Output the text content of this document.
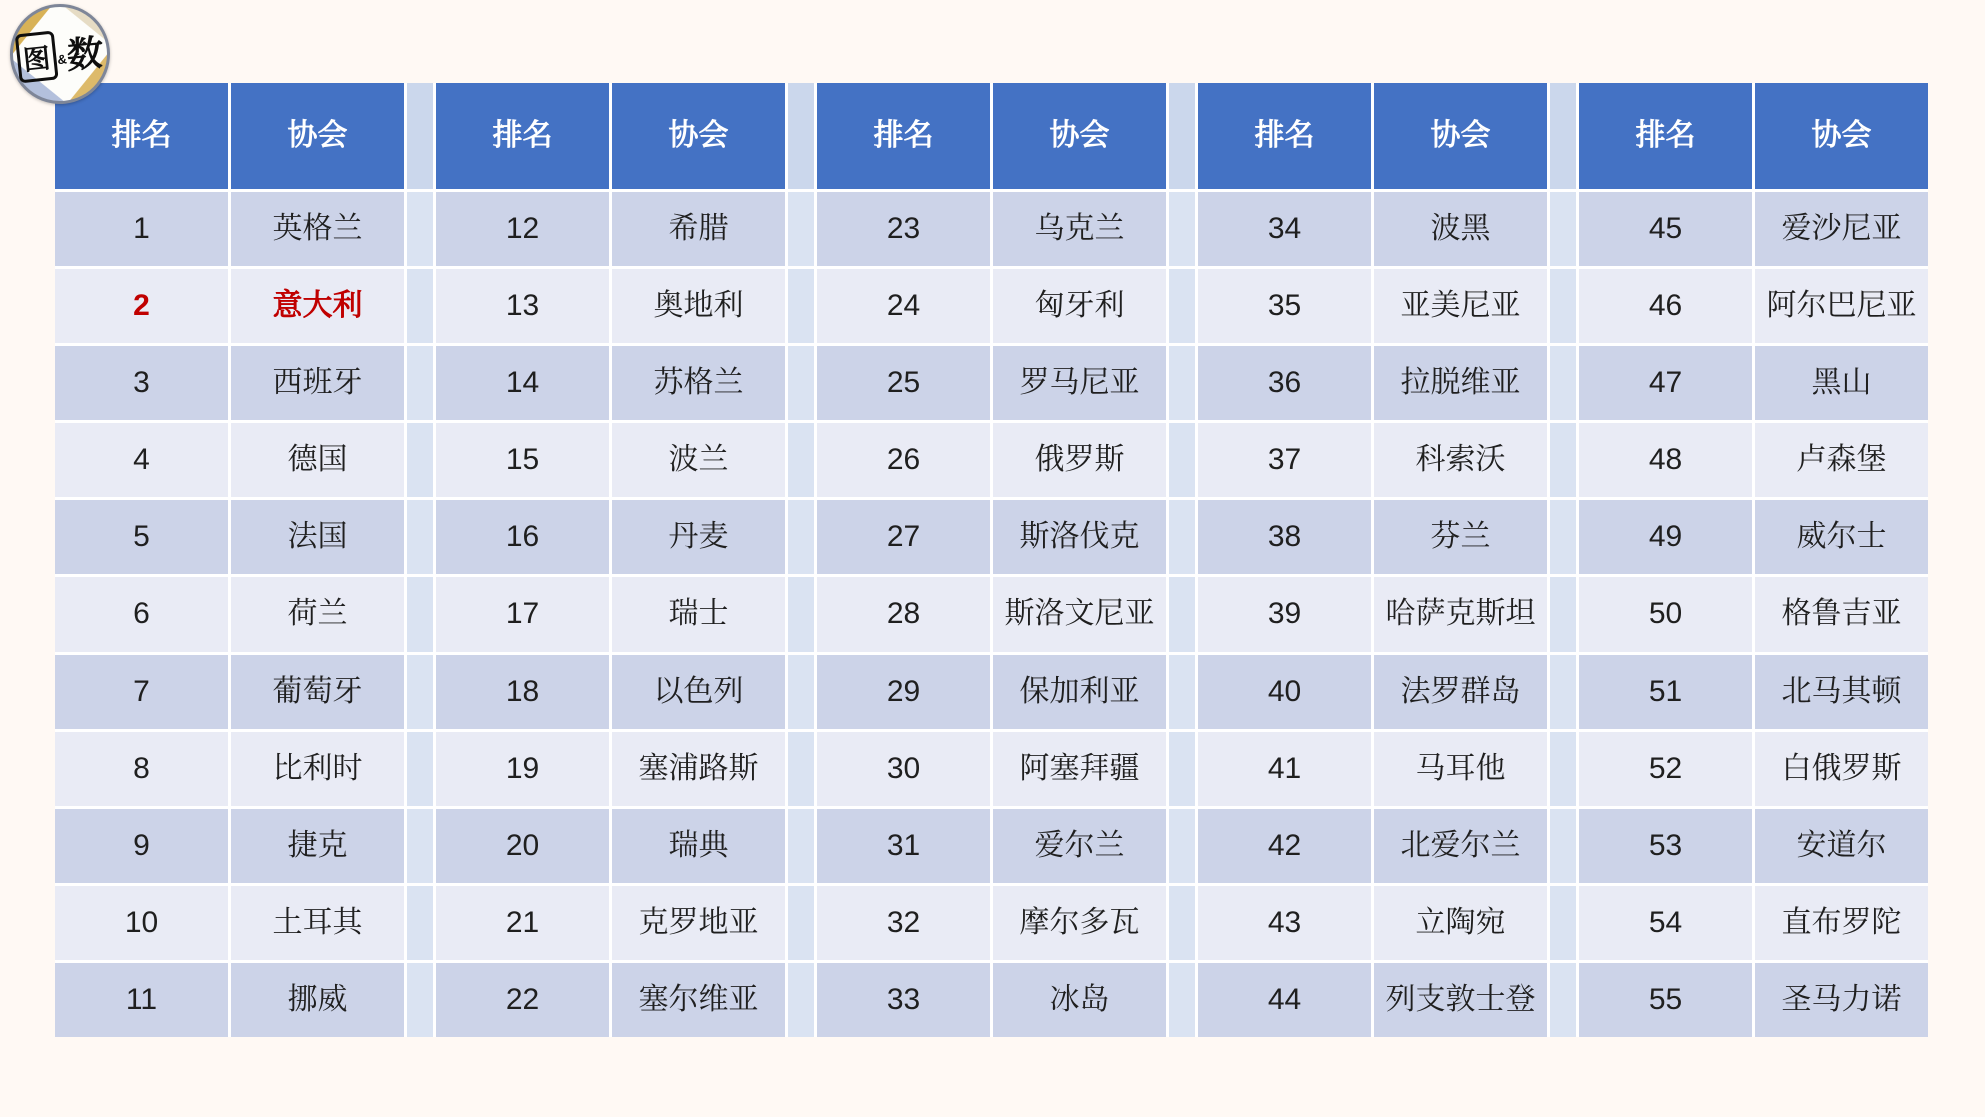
图 & 数
排名	协会	排名	协会	排名	协会	排名	协会	排名	协会
1	英格兰	12	希腊	23	乌克兰	34	波黑	45	爱沙尼亚
2	意大利	13	奥地利	24	匈牙利	35	亚美尼亚	46	阿尔巴尼亚
3	西班牙	14	苏格兰	25	罗马尼亚	36	拉脱维亚	47	黑山
4	德国	15	波兰	26	俄罗斯	37	科索沃	48	卢森堡
5	法国	16	丹麦	27	斯洛伐克	38	芬兰	49	威尔士
6	荷兰	17	瑞士	28	斯洛文尼亚	39	哈萨克斯坦	50	格鲁吉亚
7	葡萄牙	18	以色列	29	保加利亚	40	法罗群岛	51	北马其顿
8	比利时	19	塞浦路斯	30	阿塞拜疆	41	马耳他	52	白俄罗斯
9	捷克	20	瑞典	31	爱尔兰	42	北爱尔兰	53	安道尔
10	土耳其	21	克罗地亚	32	摩尔多瓦	43	立陶宛	54	直布罗陀
11	挪威	22	塞尔维亚	33	冰岛	44	列支敦士登	55	圣马力诺
